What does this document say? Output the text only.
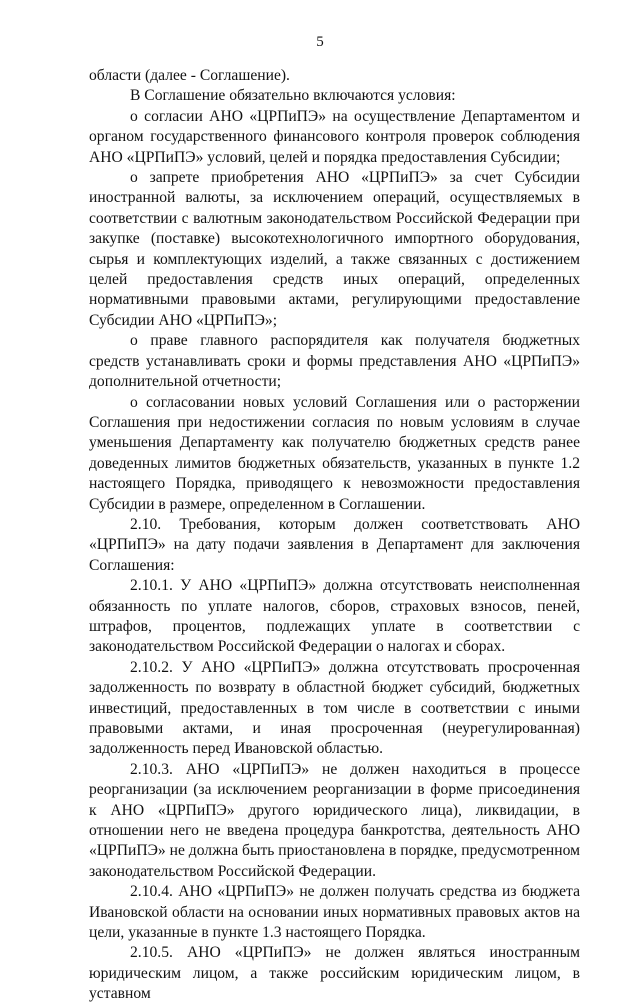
5

области (далее - Соглашение).

В Соглашение обязательно включаются условия:

о согласии АНО «ЦРПиПЭ» на осуществление Департаментом и органом государственного финансового контроля проверок соблюдения АНО «ЦРПиПЭ» условий, целей и порядка предоставления Субсидии;

о запрете приобретения АНО «ЦРПиПЭ» за счет Субсидии иностранной валюты, за исключением операций, осуществляемых в соответствии с валютным законодательством Российской Федерации при закупке (поставке) высокотехнологичного импортного оборудования, сырья и комплектующих изделий, а также связанных с достижением целей предоставления средств иных операций, определенных нормативными правовыми актами, регулирующими предоставление Субсидии АНО «ЦРПиПЭ»;

о праве главного распорядителя как получателя бюджетных средств устанавливать сроки и формы представления АНО «ЦРПиПЭ» дополнительной отчетности;

о согласовании новых условий Соглашения или о расторжении Соглашения при недостижении согласия по новым условиям в случае уменьшения Департаменту как получателю бюджетных средств ранее доведенных лимитов бюджетных обязательств, указанных в пункте 1.2 настоящего Порядка, приводящего к невозможности предоставления Субсидии в размере, определенном в Соглашении.

2.10. Требования, которым должен соответствовать АНО «ЦРПиПЭ» на дату подачи заявления в Департамент для заключения Соглашения:

2.10.1. У АНО «ЦРПиПЭ» должна отсутствовать неисполненная обязанность по уплате налогов, сборов, страховых взносов, пеней, штрафов, процентов, подлежащих уплате в соответствии с законодательством Российской Федерации о налогах и сборах.

2.10.2. У АНО «ЦРПиПЭ» должна отсутствовать просроченная задолженность по возврату в областной бюджет субсидий, бюджетных инвестиций, предоставленных в том числе в соответствии с иными правовыми актами, и иная просроченная (неурегулированная) задолженность перед Ивановской областью.

2.10.3. АНО «ЦРПиПЭ» не должен находиться в процессе реорганизации (за исключением реорганизации в форме присоединения к АНО «ЦРПиПЭ» другого юридического лица), ликвидации, в отношении него не введена процедура банкротства, деятельность АНО «ЦРПиПЭ» не должна быть приостановлена в порядке, предусмотренном законодательством Российской Федерации.

2.10.4. АНО «ЦРПиПЭ» не должен получать средства из бюджета Ивановской области на основании иных нормативных правовых актов на цели, указанные в пункте 1.3 настоящего Порядка.

2.10.5. АНО «ЦРПиПЭ» не должен являться иностранным юридическим лицом, а также российским юридическим лицом, в уставном
